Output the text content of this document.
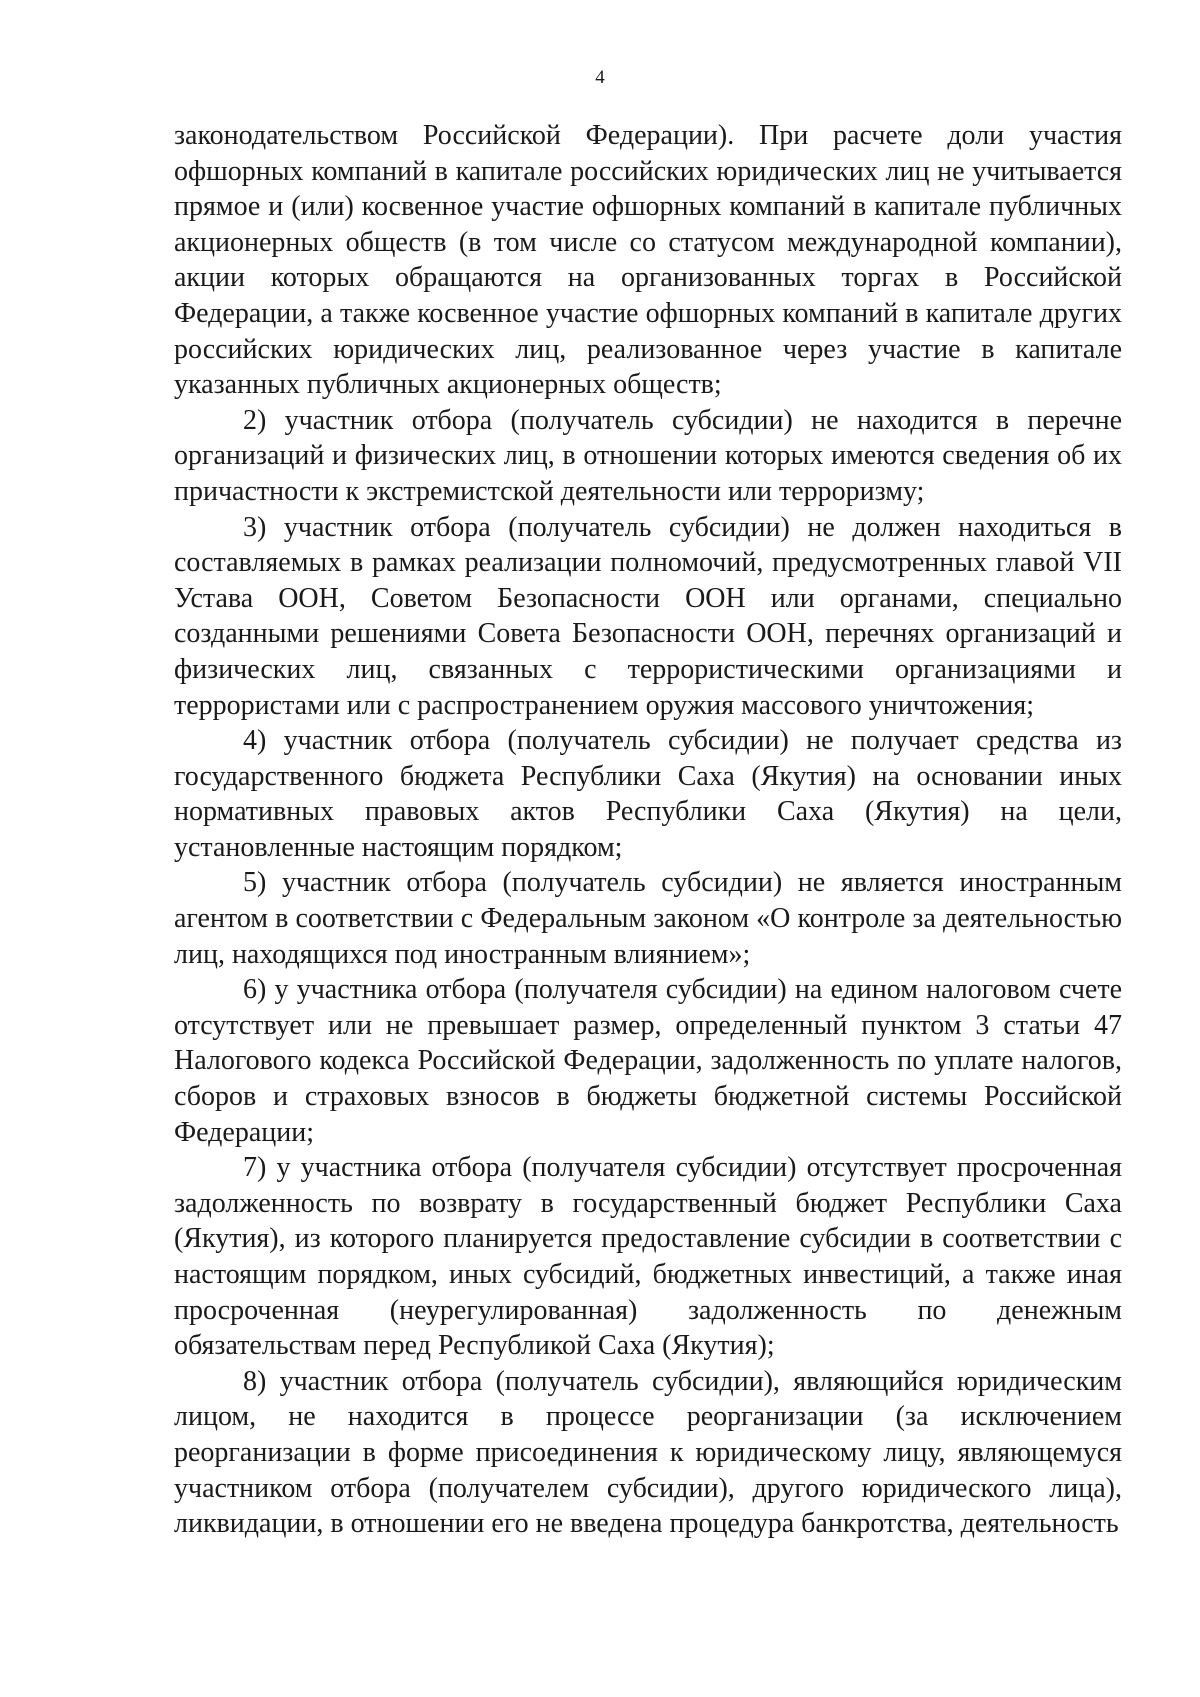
4

законодательством Российской Федерации). При расчете доли участия офшорных компаний в капитале российских юридических лиц не учитывается прямое и (или) косвенное участие офшорных компаний в капитале публичных акционерных обществ (в том числе со статусом международной компании), акции которых обращаются на организованных торгах в Российской Федерации, а также косвенное участие офшорных компаний в капитале других российских юридических лиц, реализованное через участие в капитале указанных публичных акционерных обществ;

2) участник отбора (получатель субсидии) не находится в перечне организаций и физических лиц, в отношении которых имеются сведения об их причастности к экстремистской деятельности или терроризму;

3) участник отбора (получатель субсидии) не должен находиться в составляемых в рамках реализации полномочий, предусмотренных главой VII Устава ООН, Советом Безопасности ООН или органами, специально созданными решениями Совета Безопасности ООН, перечнях организаций и физических лиц, связанных с террористическими организациями и террористами или с распространением оружия массового уничтожения;

4) участник отбора (получатель субсидии) не получает средства из государственного бюджета Республики Саха (Якутия) на основании иных нормативных правовых актов Республики Саха (Якутия) на цели, установленные настоящим порядком;

5) участник отбора (получатель субсидии) не является иностранным агентом в соответствии с Федеральным законом «О контроле за деятельностью лиц, находящихся под иностранным влиянием»;

6) у участника отбора (получателя субсидии) на едином налоговом счете отсутствует или не превышает размер, определенный пунктом 3 статьи 47 Налогового кодекса Российской Федерации, задолженность по уплате налогов, сборов и страховых взносов в бюджеты бюджетной системы Российской Федерации;

7) у участника отбора (получателя субсидии) отсутствует просроченная задолженность по возврату в государственный бюджет Республики Саха (Якутия), из которого планируется предоставление субсидии в соответствии с настоящим порядком, иных субсидий, бюджетных инвестиций, а также иная просроченная (неурегулированная) задолженность по денежным обязательствам перед Республикой Саха (Якутия);

8) участник отбора (получатель субсидии), являющийся юридическим лицом, не находится в процессе реорганизации (за исключением реорганизации в форме присоединения к юридическому лицу, являющемуся участником отбора (получателем субсидии), другого юридического лица), ликвидации, в отношении его не введена процедура банкротства, деятельность
